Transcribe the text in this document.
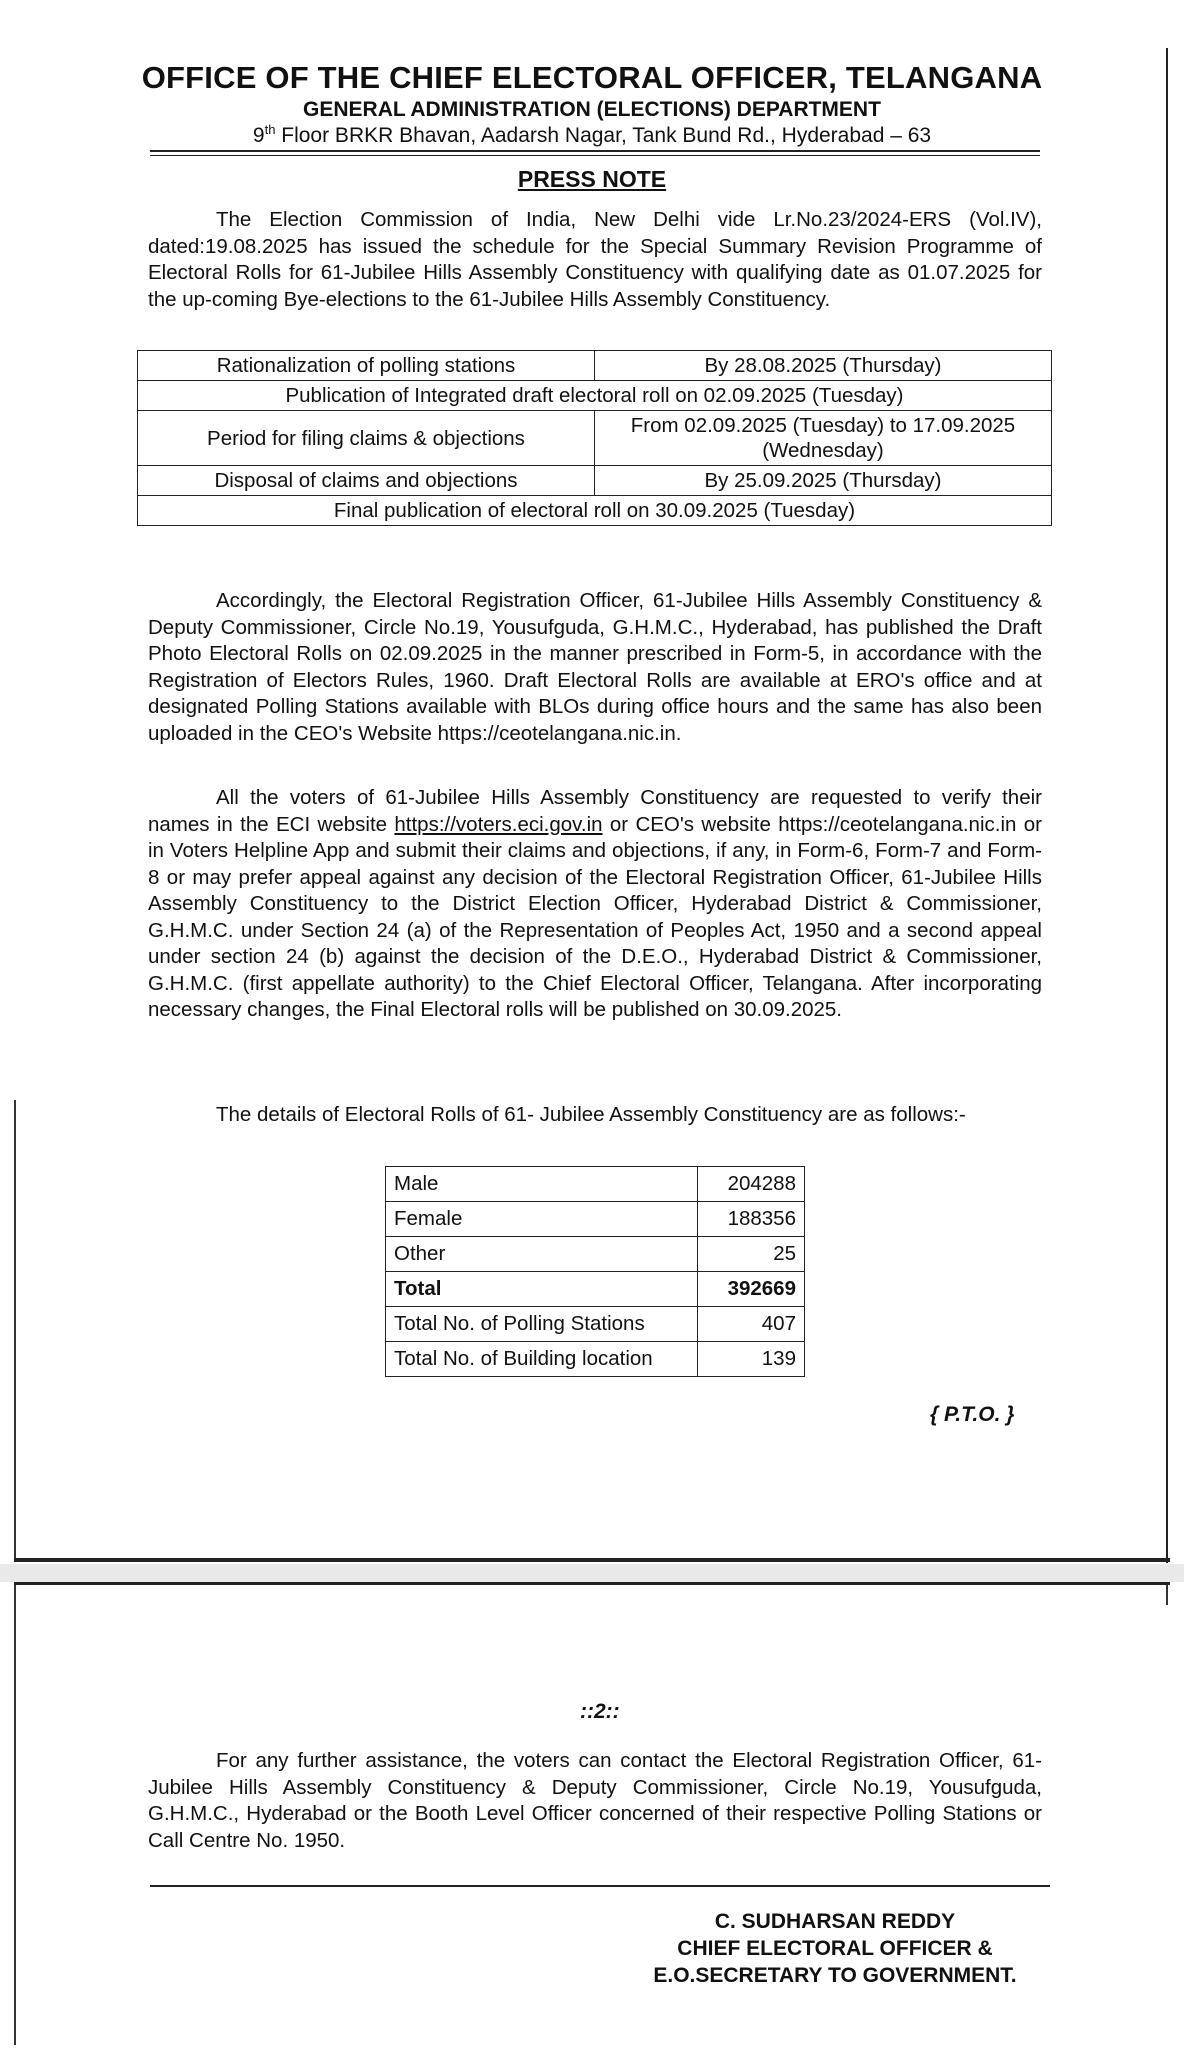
OFFICE OF THE CHIEF ELECTORAL OFFICER, TELANGANA
GENERAL ADMINISTRATION (ELECTIONS) DEPARTMENT
9th Floor BRKR Bhavan, Aadarsh Nagar, Tank Bund Rd., Hyderabad – 63
PRESS NOTE
The Election Commission of India, New Delhi vide Lr.No.23/2024-ERS (Vol.IV), dated:19.08.2025 has issued the schedule for the Special Summary Revision Programme of Electoral Rolls for 61-Jubilee Hills Assembly Constituency with qualifying date as 01.07.2025 for the up-coming Bye-elections to the 61-Jubilee Hills Assembly Constituency.
Rationalization of polling stations	By 28.08.2025 (Thursday)
Publication of Integrated draft electoral roll on 02.09.2025 (Tuesday)	
Period for filing claims & objections	From 02.09.2025 (Tuesday) to 17.09.2025 (Wednesday)
Disposal of claims and objections	By 25.09.2025 (Thursday)
Final publication of electoral roll on 30.09.2025 (Tuesday)	
Accordingly, the Electoral Registration Officer, 61-Jubilee Hills Assembly Constituency & Deputy Commissioner, Circle No.19, Yousufguda, G.H.M.C., Hyderabad, has published the Draft Photo Electoral Rolls on 02.09.2025 in the manner prescribed in Form-5, in accordance with the Registration of Electors Rules, 1960. Draft Electoral Rolls are available at ERO's office and at designated Polling Stations available with BLOs during office hours and the same has also been uploaded in the CEO's Website https://ceotelangana.nic.in.
All the voters of 61-Jubilee Hills Assembly Constituency are requested to verify their names in the ECI website https://voters.eci.gov.in or CEO's website https://ceotelangana.nic.in or in Voters Helpline App and submit their claims and objections, if any, in Form-6, Form-7 and Form-8 or may prefer appeal against any decision of the Electoral Registration Officer, 61-Jubilee Hills Assembly Constituency to the District Election Officer, Hyderabad District & Commissioner, G.H.M.C. under Section 24 (a) of the Representation of Peoples Act, 1950 and a second appeal under section 24 (b) against the decision of the D.E.O., Hyderabad District & Commissioner, G.H.M.C. (first appellate authority) to the Chief Electoral Officer, Telangana. After incorporating necessary changes, the Final Electoral rolls will be published on 30.09.2025.
The details of Electoral Rolls of 61- Jubilee Assembly Constituency are as follows:-
Male	204288
Female	188356
Other	25
Total	392669
Total No. of Polling Stations	407
Total No. of Building location	139
{ P.T.O. }
::2::
For any further assistance, the voters can contact the Electoral Registration Officer, 61-Jubilee Hills Assembly Constituency & Deputy Commissioner, Circle No.19, Yousufguda, G.H.M.C., Hyderabad or the Booth Level Officer concerned of their respective Polling Stations or Call Centre No. 1950.
C. SUDHARSAN REDDY
CHIEF ELECTORAL OFFICER &
E.O.SECRETARY TO GOVERNMENT.
